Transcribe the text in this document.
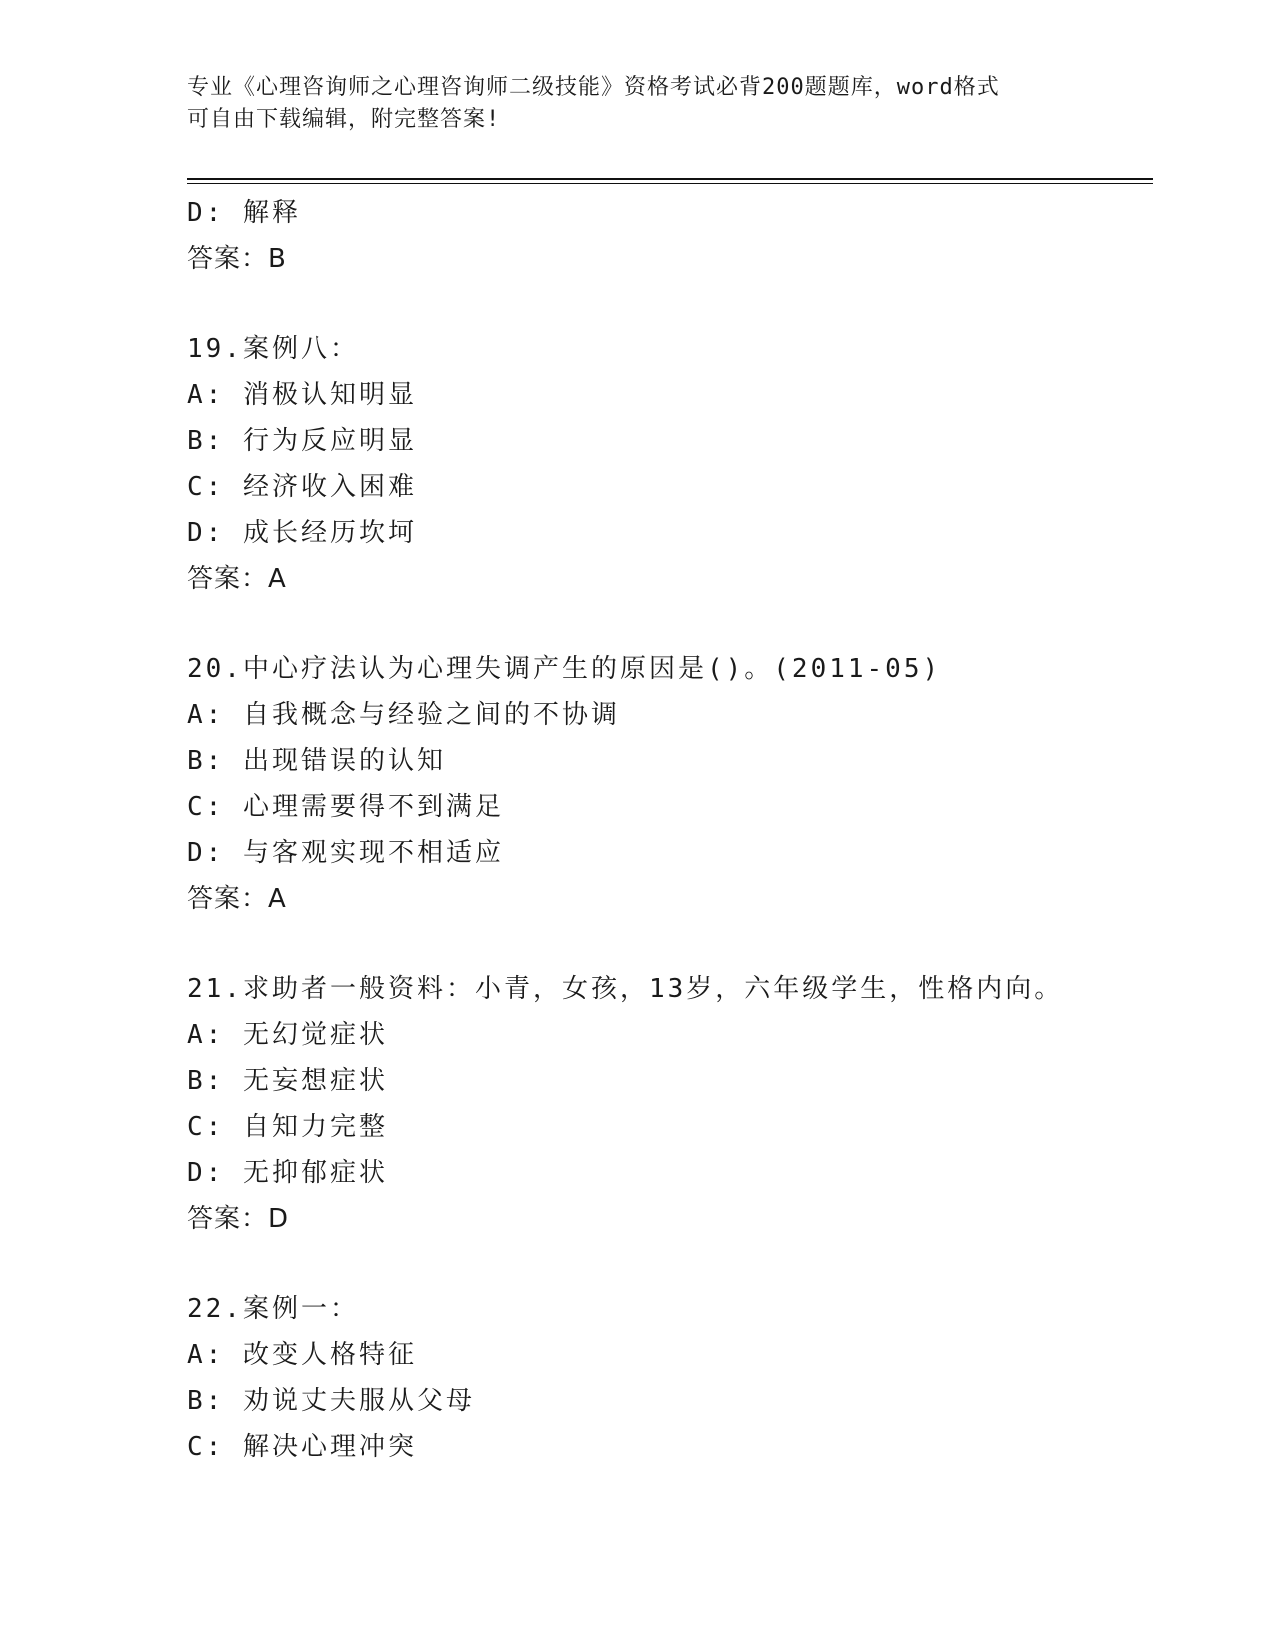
专业《心理咨询师之心理咨询师二级技能》资格考试必背200题题库，word格式
可自由下载编辑，附完整答案!
D: 解释
答案：B
19.案例八：
A: 消极认知明显
B: 行为反应明显
C: 经济收入困难
D: 成长经历坎坷
答案：A
20.中心疗法认为心理失调产生的原因是()。(2011-05)
A: 自我概念与经验之间的不协调
B: 出现错误的认知
C: 心理需要得不到满足
D: 与客观实现不相适应
答案：A
21.求助者一般资料：小青，女孩，13岁，六年级学生，性格内向。
A: 无幻觉症状
B: 无妄想症状
C: 自知力完整
D: 无抑郁症状
答案：D
22.案例一：
A: 改变人格特征
B: 劝说丈夫服从父母
C: 解决心理冲突
